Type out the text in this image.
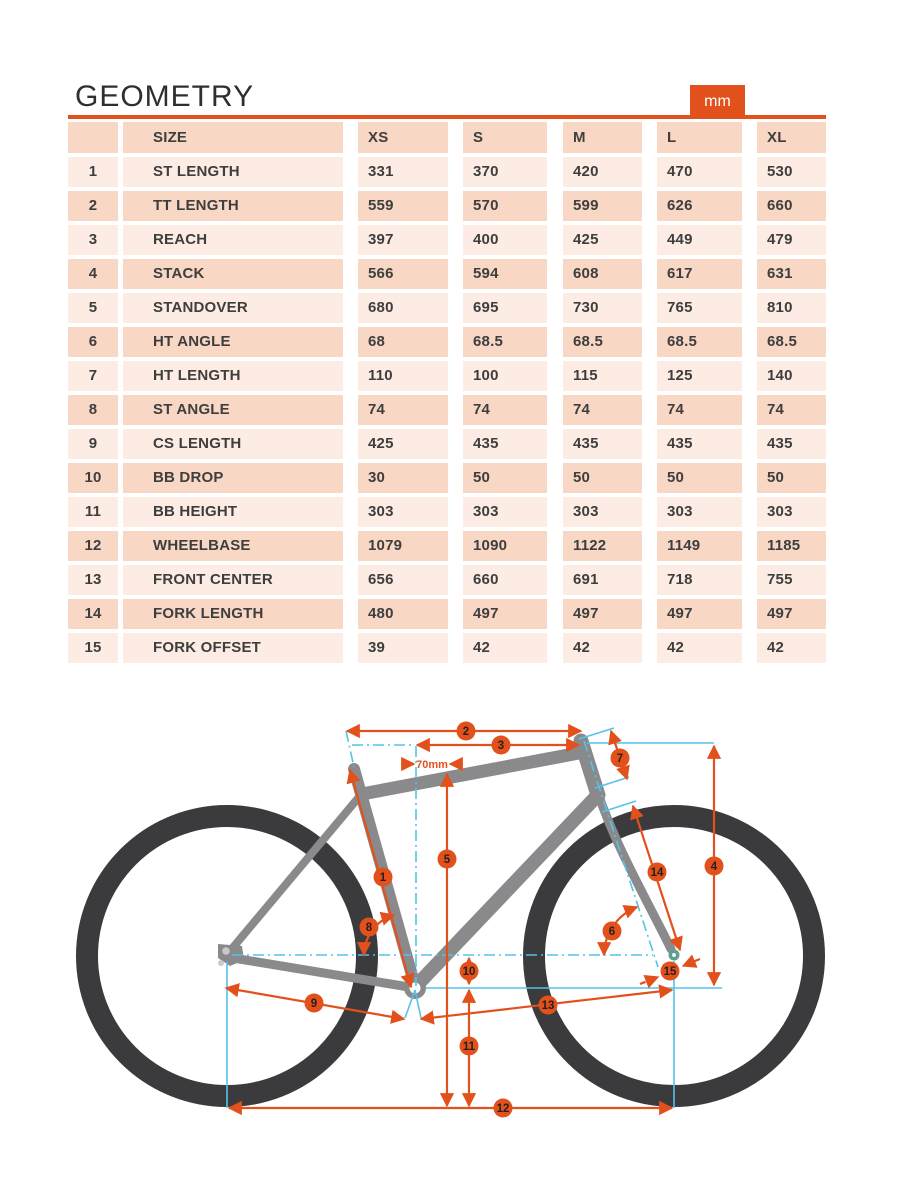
GEOMETRY	mm
SIZE	XS	S	M	L	XL
1	ST LENGTH	331	370	420	470	530
2	TT LENGTH	559	570	599	626	660
3	REACH	397	400	425	449	479
4	STACK	566	594	608	617	631
5	STANDOVER	680	695	730	765	810
6	HT ANGLE	68	68.5	68.5	68.5	68.5
7	HT LENGTH	110	100	115	125	140
8	ST ANGLE	74	74	74	74	74
9	CS LENGTH	425	435	435	435	435
10	BB DROP	30	50	50	50	50
11	BB HEIGHT	303	303	303	303	303
12	WHEELBASE	1079	1090	1122	1149	1185
13	FRONT CENTER	656	660	691	718	755
14	FORK LENGTH	480	497	497	497	497
15	FORK OFFSET	39	42	42	42	42
70mm
1
2
3
4
5
6
7
8
9
10
11
12
13
14
15
